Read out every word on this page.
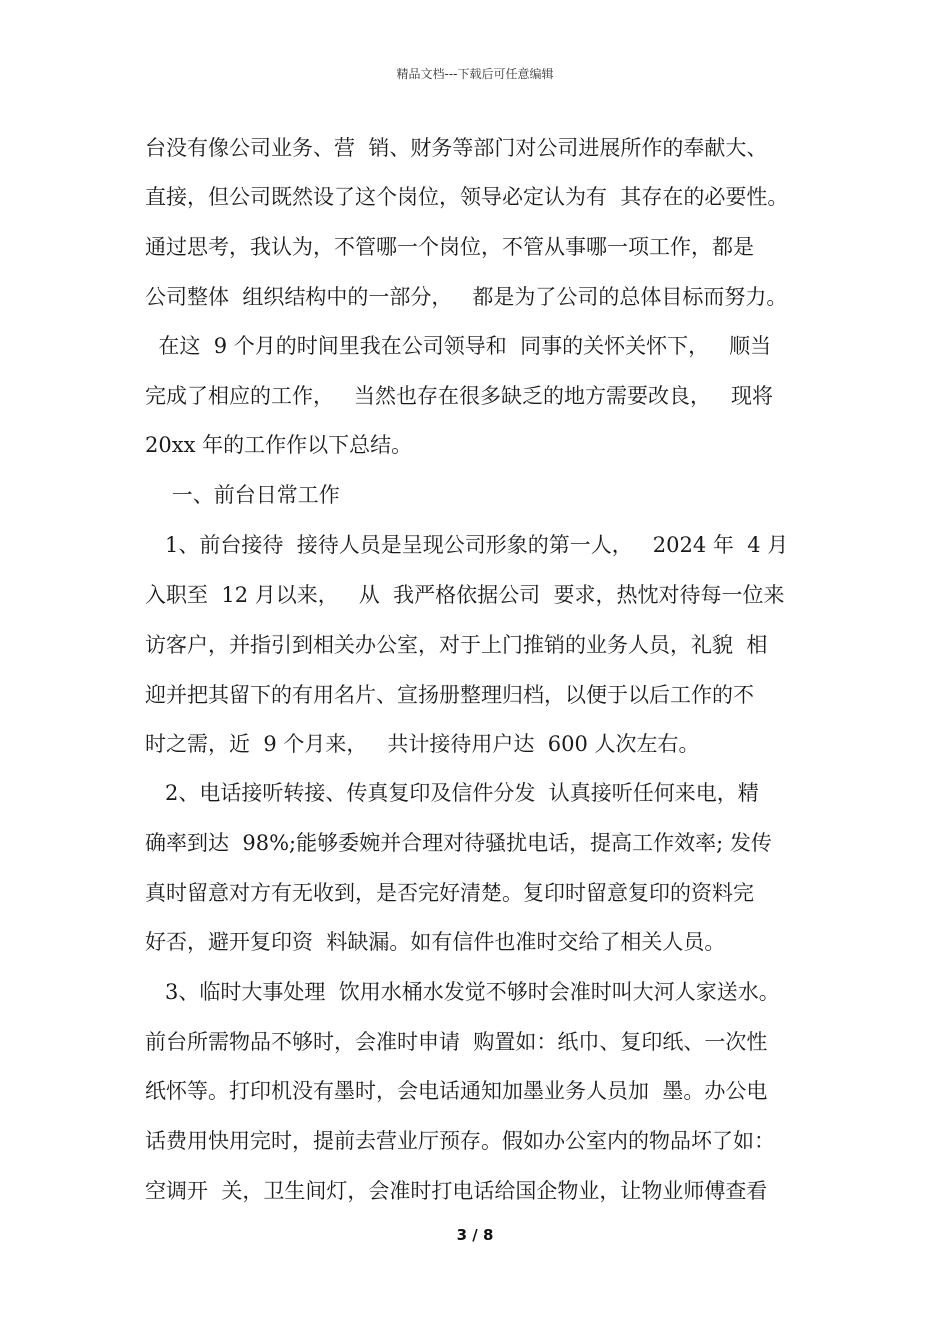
精品文档---下载后可任意编辑
台没有像公司业务、营  销、财务等部门对公司进展所作的奉献大、
直接，但公司既然设了这个岗位，领导必定认为有  其存在的必要性。
通过思考，我认为，不管哪一个岗位，不管从事哪一项工作，都是
公司整体  组织结构中的一部分，   都是为了公司的总体目标而努力。
在这  9 个月的时间里我在公司领导和  同事的关怀关怀下，   顺当
完成了相应的工作，   当然也存在很多缺乏的地方需要改良，   现将
20xx 年的工作作以下总结。
一、前台日常工作
1、前台接待  接待人员是呈现公司形象的第一人，   2024 年  4 月
入职至  12 月以来，   从  我严格依据公司  要求，热忱对待每一位来
访客户，并指引到相关办公室，对于上门推销的业务人员，礼貌  相
迎并把其留下的有用名片、宣扬册整理归档，以便于以后工作的不
时之需，近  9 个月来，   共计接待用户达  600 人次左右。
2、电话接听转接、传真复印及信件分发  认真接听任何来电，精
确率到达  98%;能够委婉并合理对待骚扰电话，提高工作效率; 发传
真时留意对方有无收到，是否完好清楚。复印时留意复印的资料完
好否，避开复印资  料缺漏。如有信件也准时交给了相关人员。
3、临时大事处理  饮用水桶水发觉不够时会准时叫大河人家送水。
前台所需物品不够时，会准时申请  购置如：纸巾、复印纸、一次性
纸怀等。打印机没有墨时，会电话通知加墨业务人员加  墨。办公电
话费用快用完时，提前去营业厅预存。假如办公室内的物品坏了如：
空调开  关，卫生间灯，会准时打电话给国企物业，让物业师傅查看
3 / 8
